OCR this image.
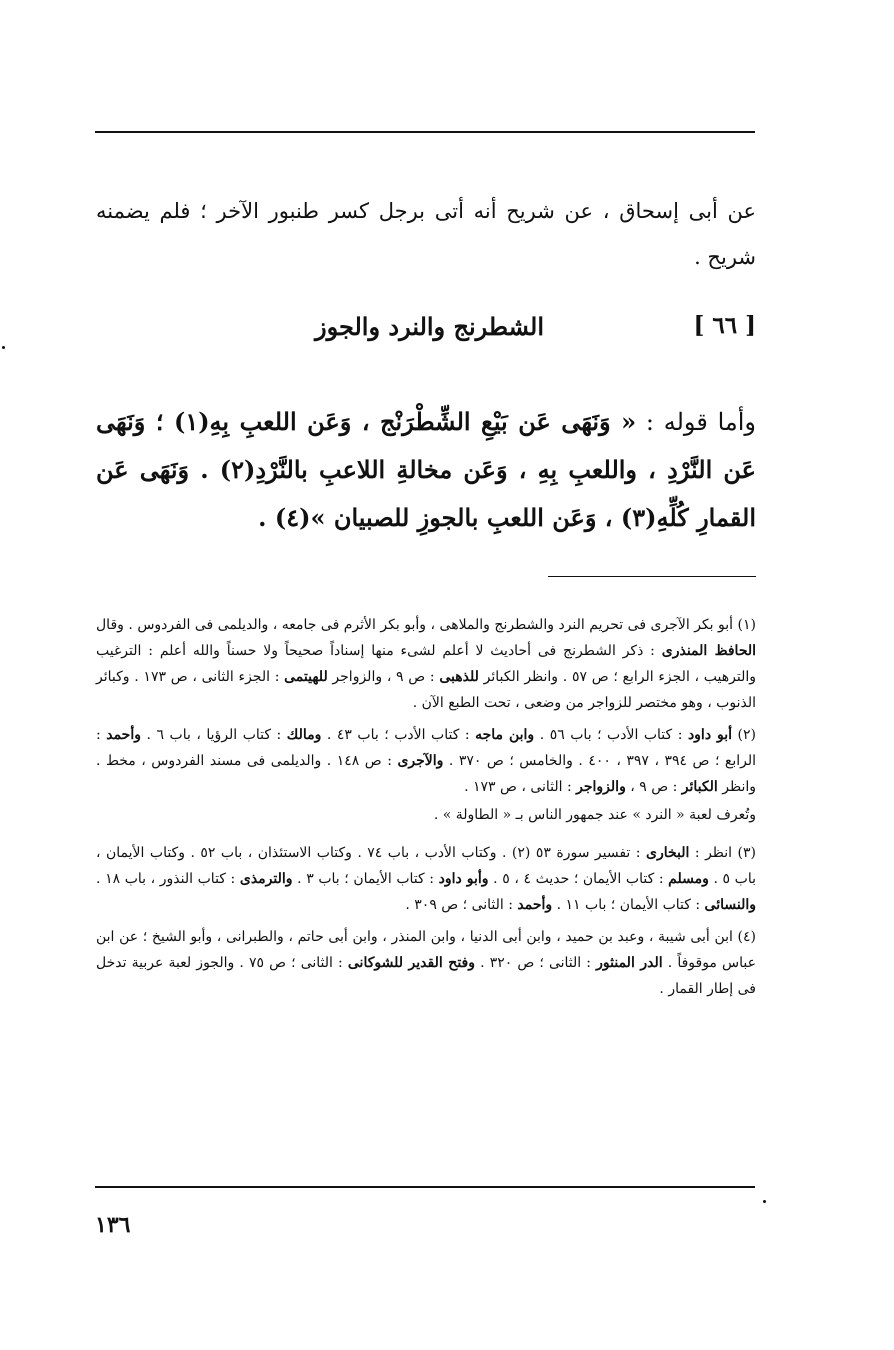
عن أبى إسحاق ، عن شريح أنه أتى برجل كسر طنبور الآخر ؛ فلم يضمنه شريح .

[ ٦٦ ]
الشطرنج والنرد والجوز

وأما قوله : « وَنَهَى عَن بَيْعِ الشِّطْرَنْج ، وَعَن اللعبِ بِهِ(١) ؛ وَنَهَى عَن النَّرْدِ ، واللعبِ بِهِ ، وَعَن مخالةِ اللاعبِ بالنَّرْدِ(٢) . وَنَهَى عَن القمارِ كُلِّهِ(٣) ، وَعَن اللعبِ بالجوزِ للصبيان »(٤) .

(١) أبو بكر الآجرى فى تحريم النرد والشطرنج والملاهى ، وأبو بكر الأثرم فى جامعه ، والديلمى فى الفردوس . وقال الحافظ المنذرى : ذكر الشطرنج فى أحاديث لا أعلم لشىء منها إسناداً صحيحاً ولا حسناً والله أعلم : الترغيب والترهيب ، الجزء الرابع ؛ ص ٥٧ . وانظر الكبائر للذهبى : ص ٩ ، والزواجر للهيتمى : الجزء الثانى ، ص ١٧٣ . وكبائر الذنوب ، وهو مختصر للزواجر من وضعى ، تحت الطبع الآن .

(٢) أبو داود : كتاب الأدب ؛ باب ٥٦ . وابن ماجه : كتاب الأدب ؛ باب ٤٣ . ومالك : كتاب الرؤيا ، باب ٦ . وأحمد : الرابع ؛ ص ٣٩٤ ، ٣٩٧ ، ٤٠٠ . والخامس ؛ ص ٣٧٠ . والآجرى : ص ١٤٨ . والديلمى فى مسند الفردوس ، مخط . وانظر الكبائر : ص ٩ ، والزواجر : الثانى ، ص ١٧٣ .

وتُعرف لعبة « النرد » عند جمهور الناس بـ « الطاولة » .

(٣) انظر : البخارى : تفسير سورة ٥٣ (٢) . وكتاب الأدب ، باب ٧٤ . وكتاب الاستئذان ، باب ٥٢ . وكتاب الأيمان ، باب ٥ . ومسلم : كتاب الأيمان ؛ حديث ٤ ، ٥ . وأبو داود : كتاب الأيمان ؛ باب ٣ . والترمذى : كتاب النذور ، باب ١٨ . والنسائى : كتاب الأيمان ؛ باب ١١ . وأحمد : الثانى ؛ ص ٣٠٩ .

(٤) ابن أبى شيبة ، وعبد بن حميد ، وابن أبى الدنيا ، وابن المنذر ، وابن أبى حاتم ، والطبرانى ، وأبو الشيخ ؛ عن ابن عباس موقوفاً . الدر المنثور : الثانى ؛ ص ٣٢٠ . وفتح القدير للشوكانى : الثانى ؛ ص ٧٥ . والجوز لعبة عربية تدخل فى إطار القمار .

١٣٦
